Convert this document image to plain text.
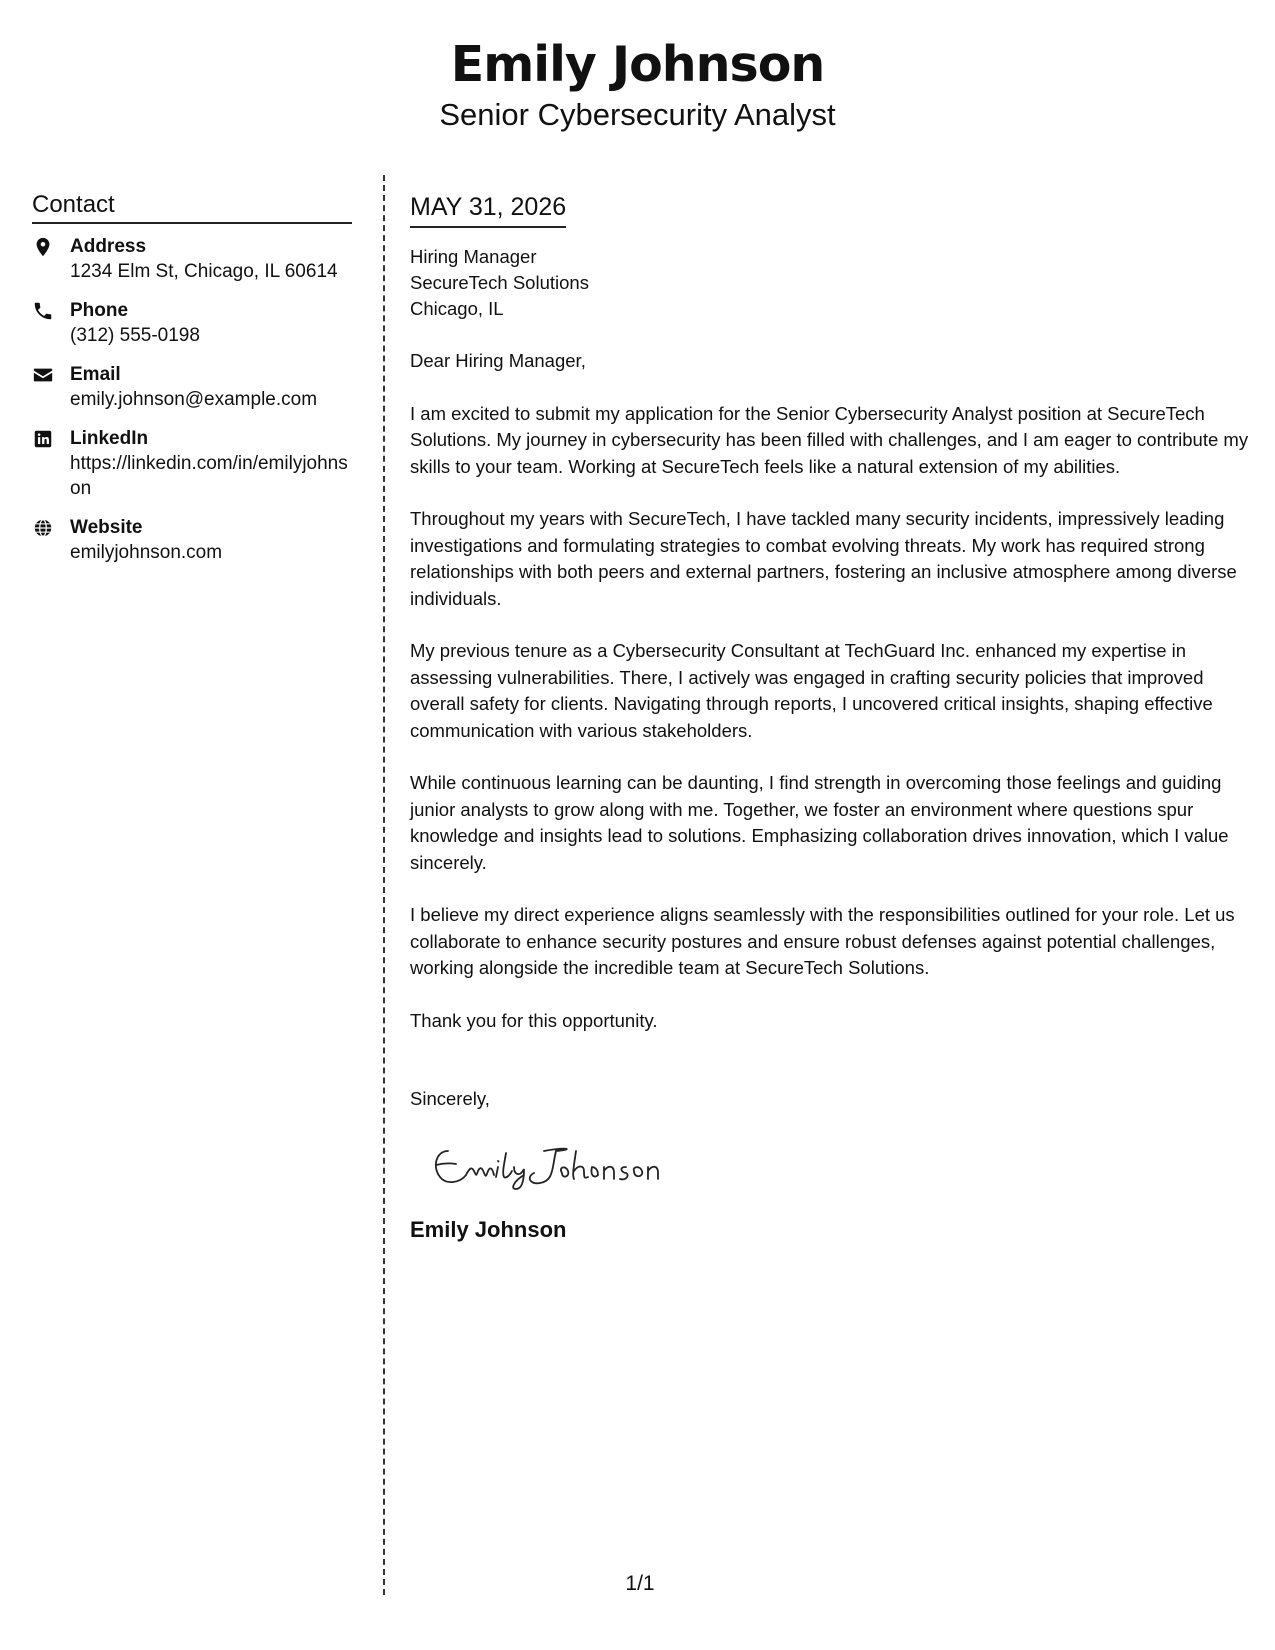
Emily Johnson
Senior Cybersecurity Analyst
Contact
Address
1234 Elm St, Chicago, IL 60614
Phone
(312) 555-0198
Email
emily.johnson@example.com
LinkedIn
https://linkedin.com/in/emilyjohnson
Website
emilyjohnson.com
MAY 31, 2026
Hiring Manager
SecureTech Solutions
Chicago, IL
Dear Hiring Manager,
I am excited to submit my application for the Senior Cybersecurity Analyst position at SecureTech Solutions. My journey in cybersecurity has been filled with challenges, and I am eager to contribute my skills to your team. Working at SecureTech feels like a natural extension of my abilities.
Throughout my years with SecureTech, I have tackled many security incidents, impressively leading investigations and formulating strategies to combat evolving threats. My work has required strong relationships with both peers and external partners, fostering an inclusive atmosphere among diverse individuals.
My previous tenure as a Cybersecurity Consultant at TechGuard Inc. enhanced my expertise in assessing vulnerabilities. There, I actively was engaged in crafting security policies that improved overall safety for clients. Navigating through reports, I uncovered critical insights, shaping effective communication with various stakeholders.
While continuous learning can be daunting, I find strength in overcoming those feelings and guiding junior analysts to grow along with me. Together, we foster an environment where questions spur knowledge and insights lead to solutions. Emphasizing collaboration drives innovation, which I value sincerely.
I believe my direct experience aligns seamlessly with the responsibilities outlined for your role. Let us collaborate to enhance security postures and ensure robust defenses against potential challenges, working alongside the incredible team at SecureTech Solutions.
Thank you for this opportunity.
Sincerely,
Emily Johnson
1/1
